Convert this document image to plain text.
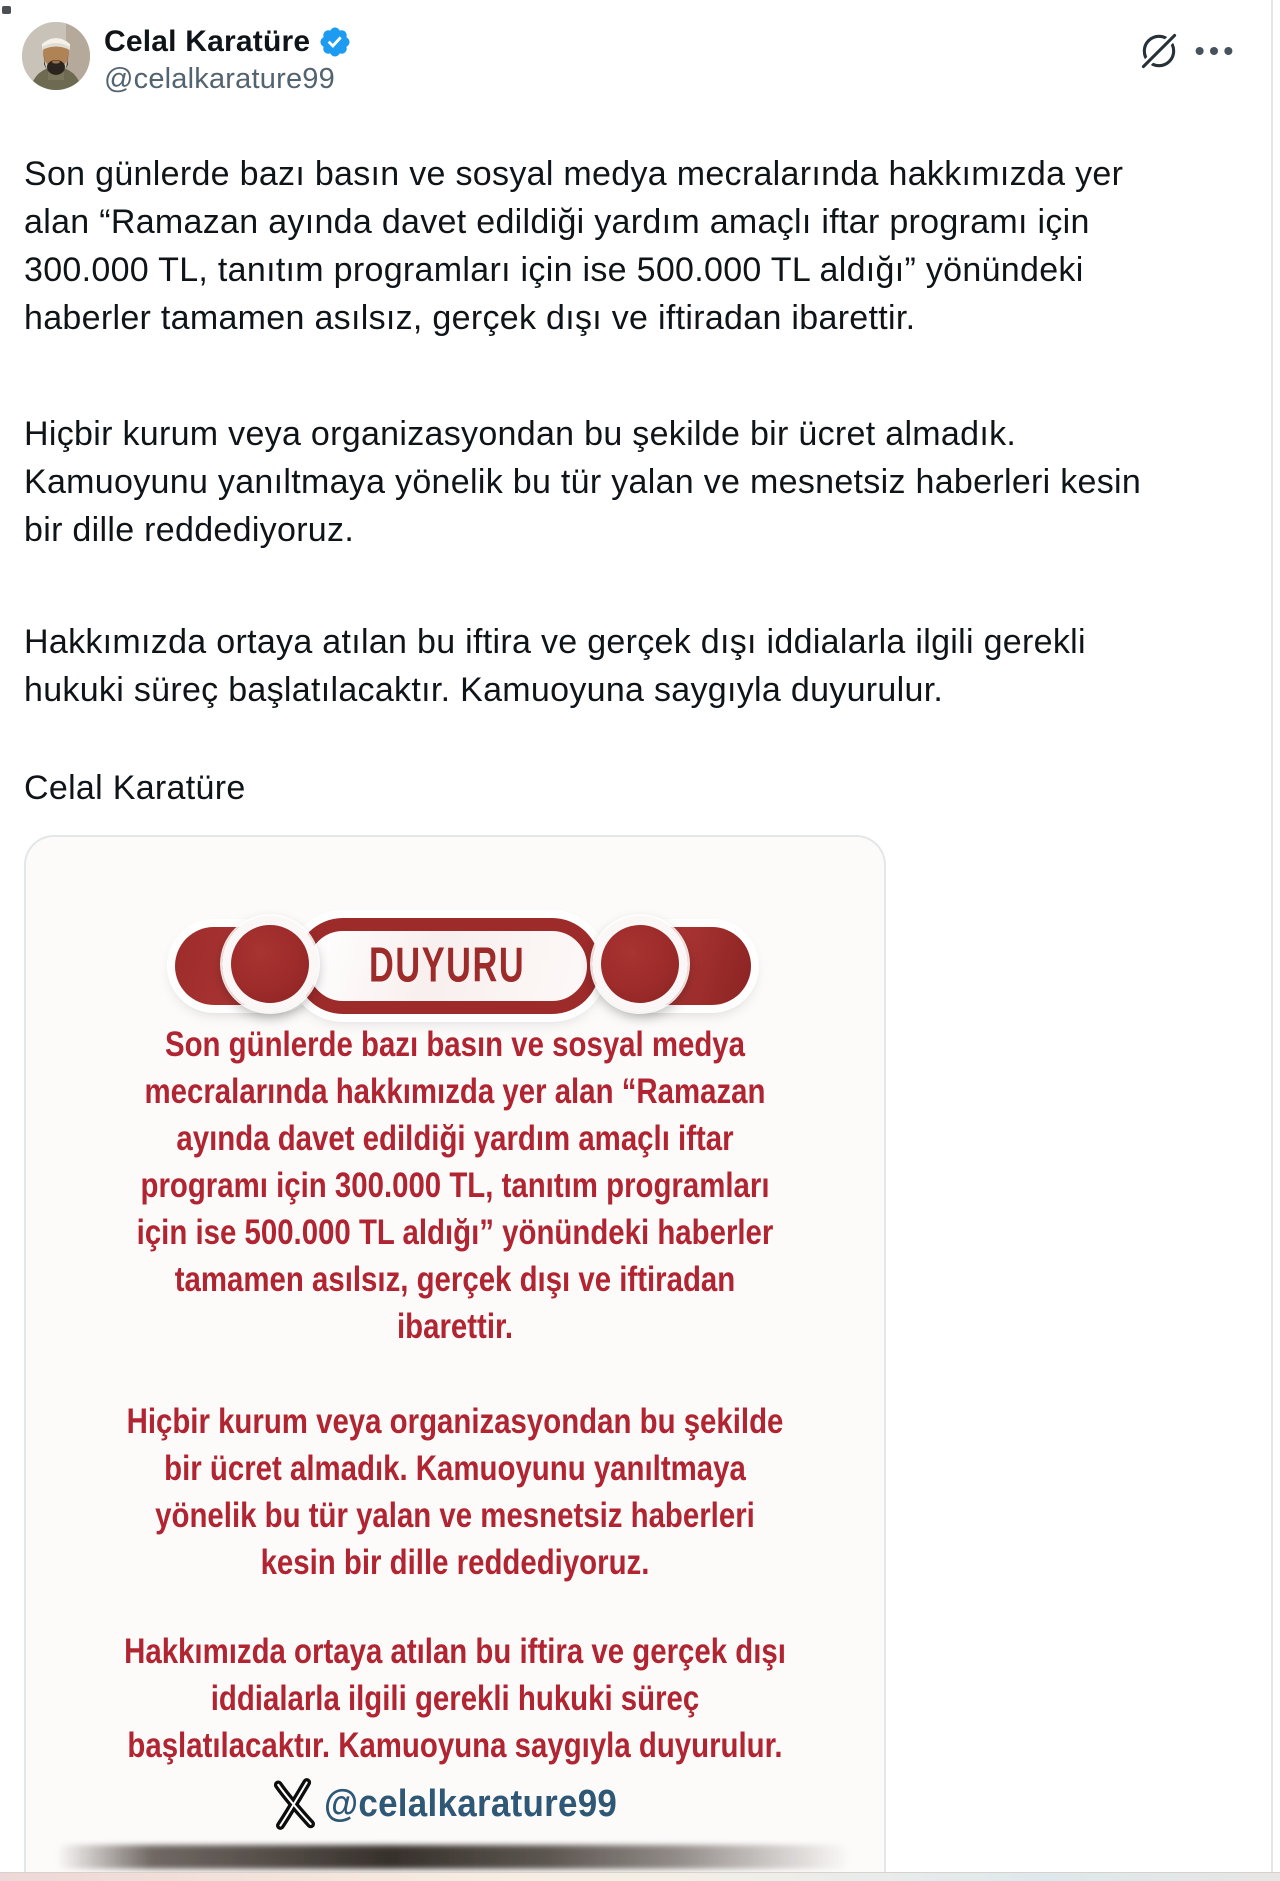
Celal Karatüre
@celalkarature99
Son günlerde bazı basın ve sosyal medya mecralarında hakkımızda yer
alan “Ramazan ayında davet edildiği yardım amaçlı iftar programı için
300.000 TL, tanıtım programları için ise 500.000 TL aldığı” yönündeki
haberler tamamen asılsız, gerçek dışı ve iftiradan ibarettir.
Hiçbir kurum veya organizasyondan bu şekilde bir ücret almadık.
Kamuoyunu yanıltmaya yönelik bu tür yalan ve mesnetsiz haberleri kesin
bir dille reddediyoruz.
Hakkımızda ortaya atılan bu iftira ve gerçek dışı iddialarla ilgili gerekli
hukuki süreç başlatılacaktır. Kamuoyuna saygıyla duyurulur.
Celal Karatüre
DUYURU
Son günlerde bazı basın ve sosyal medya
mecralarında hakkımızda yer alan “Ramazan
ayında davet edildiği yardım amaçlı iftar
programı için 300.000 TL, tanıtım programları
için ise 500.000 TL aldığı” yönündeki haberler
tamamen asılsız, gerçek dışı ve iftiradan
ibarettir.
Hiçbir kurum veya organizasyondan bu şekilde
bir ücret almadık. Kamuoyunu yanıltmaya
yönelik bu tür yalan ve mesnetsiz haberleri
kesin bir dille reddediyoruz.
Hakkımızda ortaya atılan bu iftira ve gerçek dışı
iddialarla ilgili gerekli hukuki süreç
başlatılacaktır. Kamuoyuna saygıyla duyurulur.
@celalkarature99
